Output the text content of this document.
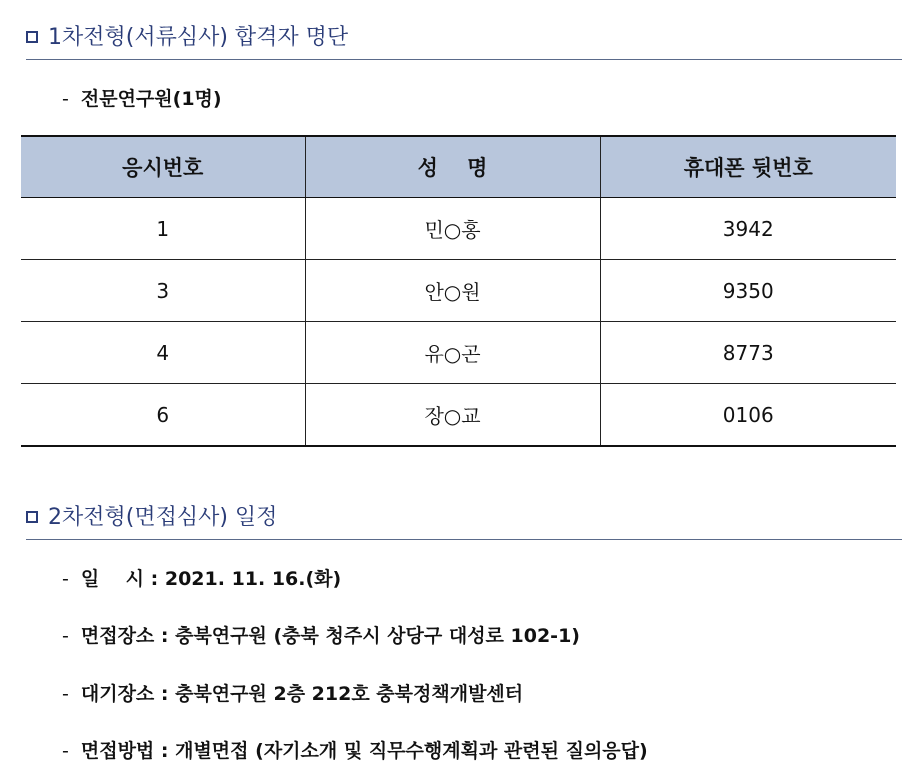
1차전형(서류심사) 합격자 명단
- 전문연구원(1명)
응시번호	성    명	휴대폰 뒷번호
1	민○홍	3942
3	안○원	9350
4	유○곤	8773
6	장○교	0106
2차전형(면접심사) 일정
- 일    시 : 2021. 11. 16.(화)
- 면접장소 : 충북연구원 (충북 청주시 상당구 대성로 102-1)
- 대기장소 : 충북연구원 2층 212호 충북정책개발센터
- 면접방법 : 개별면접 (자기소개 및 직무수행계획과 관련된 질의응답)
